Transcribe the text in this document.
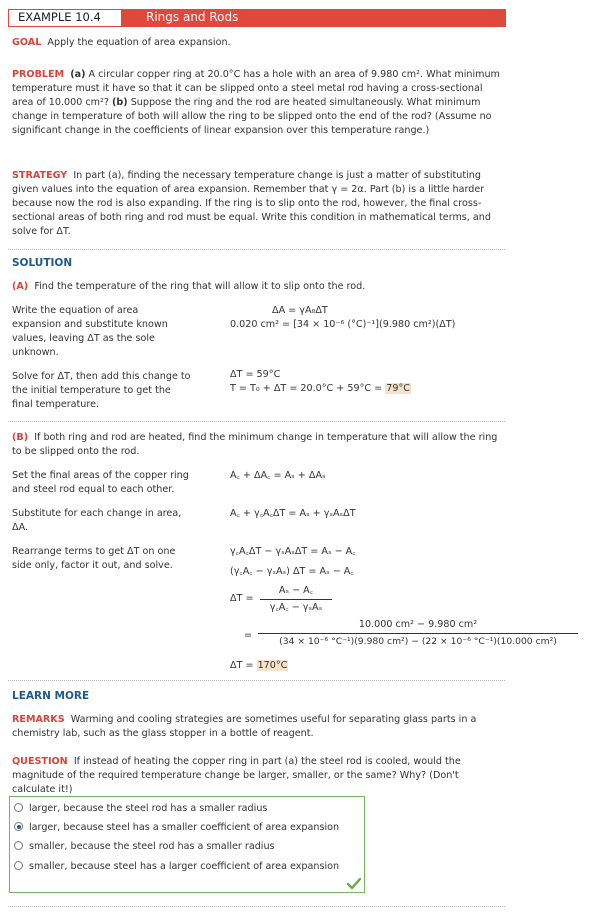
EXAMPLE 10.4	Rings and Rods
GOAL Apply the equation of area expansion.
PROBLEM (a) A circular copper ring at 20.0°C has a hole with an area of 9.980 cm². What minimum temperature must it have so that it can be slipped onto a steel metal rod having a cross-sectional area of 10.000 cm²? (b) Suppose the ring and the rod are heated simultaneously. What minimum change in temperature of both will allow the ring to be slipped onto the end of the rod? (Assume no significant change in the coefficients of linear expansion over this temperature range.)
STRATEGY In part (a), finding the necessary temperature change is just a matter of substituting given values into the equation of area expansion. Remember that γ = 2α. Part (b) is a little harder because now the rod is also expanding. If the ring is to slip onto the rod, however, the final cross-sectional areas of both ring and rod must be equal. Write this condition in mathematical terms, and solve for ΔT.
SOLUTION
(A) Find the temperature of the ring that will allow it to slip onto the rod.
Write the equation of area expansion and substitute known values, leaving ΔT as the sole unknown.
ΔA = γA₀ΔT
0.020 cm² = [34 × 10⁻⁶ (°C)⁻¹](9.980 cm²)(ΔT)
Solve for ΔT, then add this change to the initial temperature to get the final temperature.
ΔT = 59°C
T = T₀ + ΔT = 20.0°C + 59°C = 79°C
(B) If both ring and rod are heated, find the minimum change in temperature that will allow the ring to be slipped onto the rod.
Set the final areas of the copper ring and steel rod equal to each other.
A꜀ + ΔA꜀ = Aₛ + ΔAₛ
Substitute for each change in area, ΔA.
A꜀ + γ꜀A꜀ΔT = Aₛ + γₛAₛΔT
Rearrange terms to get ΔT on one side only, factor it out, and solve.
γ꜀A꜀ΔT − γₛAₛΔT = Aₛ − A꜀
(γ꜀A꜀ − γₛAₛ) ΔT = Aₛ − A꜀
ΔT =
Aₛ − A꜀
γ꜀A꜀ − γₛAₛ
=
10.000 cm² − 9.980 cm²
(34 × 10⁻⁶ °C⁻¹)(9.980 cm²) − (22 × 10⁻⁶ °C⁻¹)(10.000 cm²)
ΔT = 170°C
LEARN MORE
REMARKS Warming and cooling strategies are sometimes useful for separating glass parts in a chemistry lab, such as the glass stopper in a bottle of reagent.
QUESTION If instead of heating the copper ring in part (a) the steel rod is cooled, would the magnitude of the required temperature change be larger, smaller, or the same? Why? (Don't calculate it!)
larger, because the steel rod has a smaller radius
larger, because steel has a smaller coefficient of area expansion
smaller, because the steel rod has a smaller radius
smaller, because steel has a larger coefficient of area expansion
